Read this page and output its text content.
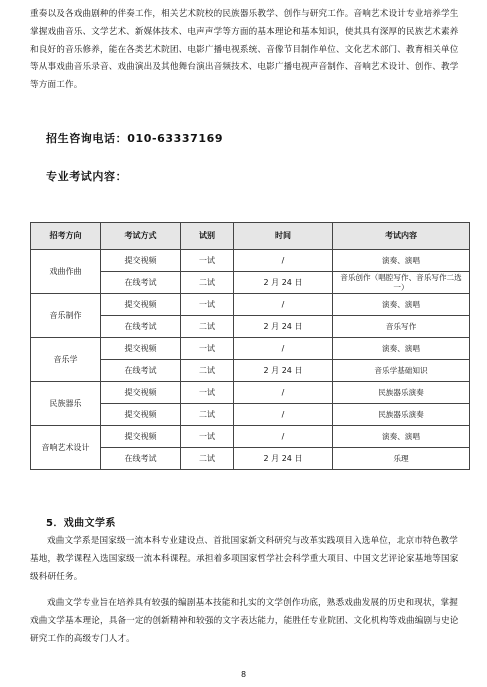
重奏以及各戏曲剧种的伴奏工作，相关艺术院校的民族器乐教学、创作与研究工作。音响艺术设计专业培养学生掌握戏曲音乐、文学艺术、新媒体技术、电声声学等方面的基本理论和基本知识，使其具有深厚的民族艺术素养和良好的音乐修养，能在各类艺术院团、电影广播电视系统、音像节目制作单位、文化艺术部门、教育相关单位等从事戏曲音乐录音、戏曲演出及其他舞台演出音频技术、电影广播电视声音制作、音响艺术设计、创作、教学等方面工作。

招生咨询电话：010-63337169
专业考试内容：
招考方向	考试方式	试别	时间	考试内容
戏曲作曲	提交视频	一试	/	演奏、演唱
	在线考试	二试	2 月 24 日	音乐创作（唱腔写作、音乐写作二选一）
音乐制作	提交视频	一试	/	演奏、演唱
	在线考试	二试	2 月 24 日	音乐写作
音乐学	提交视频	一试	/	演奏、演唱
	在线考试	二试	2 月 24 日	音乐学基础知识
民族器乐	提交视频	一试	/	民族器乐演奏
	提交视频	二试	/	民族器乐演奏
音响艺术设计	提交视频	一试	/	演奏、演唱
	在线考试	二试	2 月 24 日	乐理
5．戏曲文学系

戏曲文学系是国家级一流本科专业建设点、首批国家新文科研究与改革实践项目入选单位，北京市特色教学基地，教学课程入选国家级一流本科课程。承担着多项国家哲学社会科学重大项目、中国文艺评论家基地等国家级科研任务。

戏曲文学专业旨在培养具有较强的编剧基本技能和扎实的文学创作功底，熟悉戏曲发展的历史和现状，掌握戏曲文学基本理论，具备一定的创新精神和较强的文字表达能力，能胜任专业院团、文化机构等戏曲编剧与史论研究工作的高级专门人才。

8
